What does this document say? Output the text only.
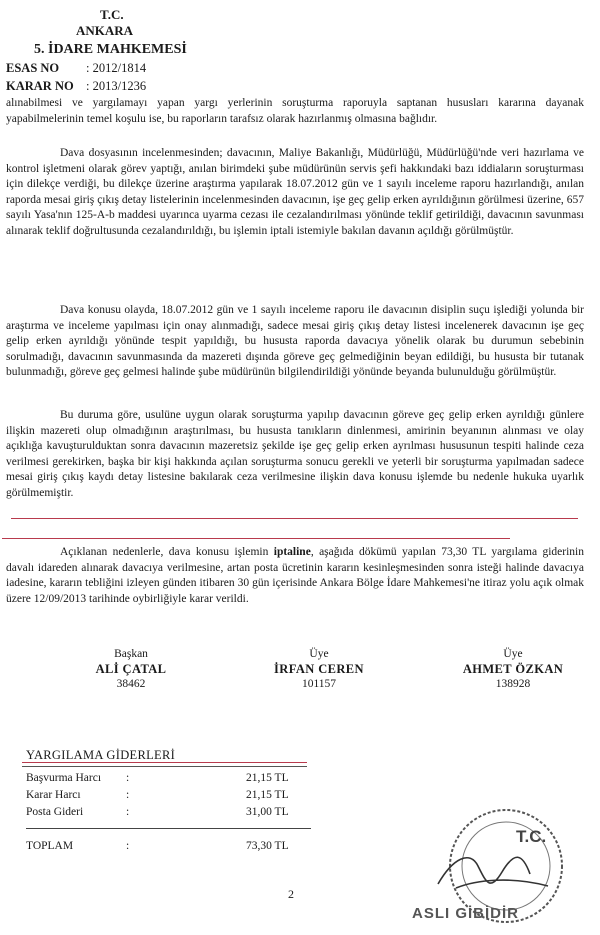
T.C.
ANKARA
5. İDARE MAHKEMESİ
ESAS NO : 2012/1814
KARAR NO : 2013/1236

alınabilmesi ve yargılamayı yapan yargı yerlerinin soruşturma raporuyla saptanan hususları kararına dayanak yapabilmelerinin temel koşulu ise, bu raporların tarafsız olarak hazırlanmış olmasına bağlıdır.

Dava dosyasının incelenmesinden; davacının, Maliye Bakanlığı, Müdürlüğü, Müdürlüğü'nde veri hazırlama ve kontrol işletmeni olarak görev yaptığı, anılan birimdeki şube müdürünün servis şefi hakkındaki bazı iddiaların soruşturması için dilekçe verdiği, bu dilekçe üzerine araştırma yapılarak 18.07.2012 gün ve 1 sayılı inceleme raporu hazırlandığı, anılan raporda mesai giriş çıkış detay listelerinin incelenmesinden davacının, işe geç gelip erken ayrıldığının görülmesi üzerine, 657 sayılı Yasa'nın 125-A-b maddesi uyarınca uyarma cezası ile cezalandırılması yönünde teklif getirildiği, davacının savunması alınarak teklif doğrultusunda cezalandırıldığı, bu işlemin iptali istemiyle bakılan davanın açıldığı görülmüştür.

Dava konusu olayda, 18.07.2012 gün ve 1 sayılı inceleme raporu ile davacının disiplin suçu işlediği yolunda bir araştırma ve inceleme yapılması için onay alınmadığı, sadece mesai giriş çıkış detay listesi incelenerek davacının işe geç gelip erken ayrıldığı yönünde tespit yapıldığı, bu hususta raporda davacıya yönelik olarak bu durumun sebebinin sorulmadığı, davacının savunmasında da mazereti dışında göreve geç gelmediğinin beyan edildiği, bu hususta bir tutanak bulunmadığı, göreve geç gelmesi halinde şube müdürünün bilgilendirildiği yönünde beyanda bulunulduğu görülmüştür.

Bu duruma göre, usulüne uygun olarak soruşturma yapılıp davacının göreve geç gelip erken ayrıldığı günlere ilişkin mazereti olup olmadığının araştırılması, bu hususta tanıkların dinlenmesi, amirinin beyanının alınması ve olay açıklığa kavuşturulduktan sonra davacının mazeretsiz şekilde işe geç gelip erken ayrılması hususunun tespiti halinde ceza verilmesi gerekirken, başka bir kişi hakkında açılan soruşturma sonucu gerekli ve yeterli bir soruşturma yapılmadan sadece mesai giriş çıkış kaydı detay listesine bakılarak ceza verilmesine ilişkin dava konusu işlemde bu nedenle hukuka uyarlık görülmemiştir.

Açıklanan nedenlerle, dava konusu işlemin iptaline, aşağıda dökümü yapılan 73,30 TL yargılama giderinin davalı idareden alınarak davacıya verilmesine, artan posta ücretinin kararın kesinleşmesinden sonra isteği halinde davacıya iadesine, kararın tebliğini izleyen günden itibaren 30 gün içerisinde Ankara Bölge İdare Mahkemesi'ne itiraz yolu açık olmak üzere 12/09/2013 tarihinde oybirliğiyle karar verildi.

Başkan
ALİ ÇATAL
38462
Üye
İRFAN CEREN
101157
Üye
AHMET ÖZKAN
138928
YARGILAMA GİDERLERİ
Başvurma Harcı :	21,15 TL
Karar Harcı	:	21,15 TL
Posta Gideri	:	31,00 TL
TOPLAM	:	73,30 TL
2
T.C.
ASLI GİBİDİR
